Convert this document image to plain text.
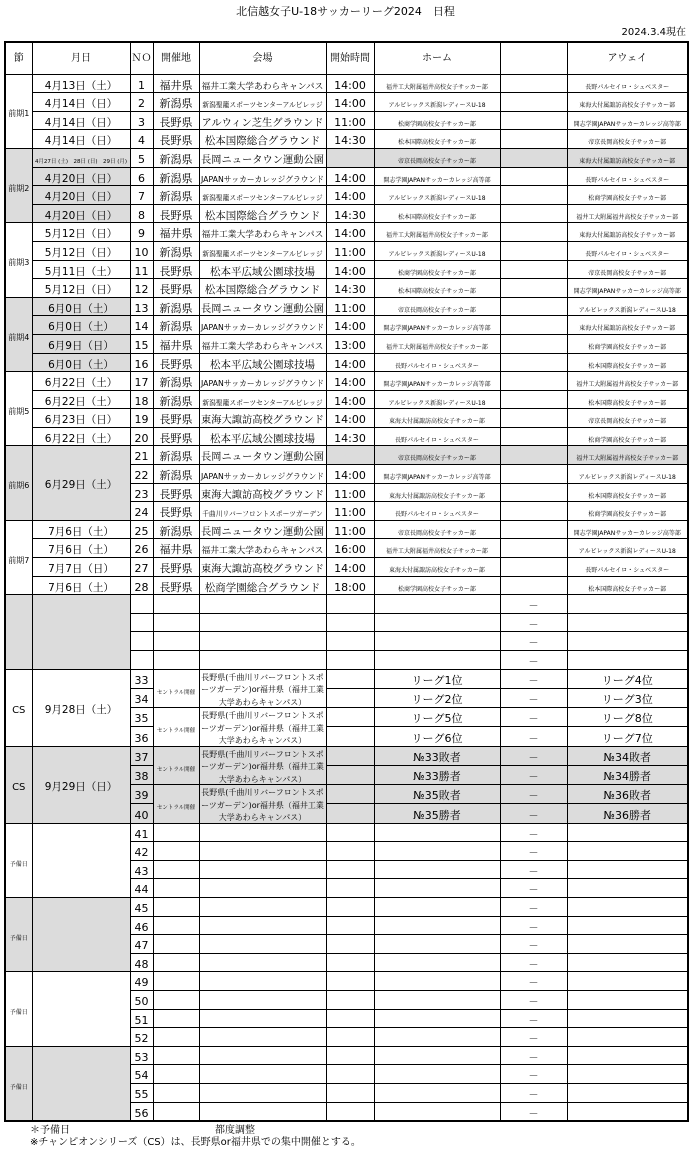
北信越女子U-18サッカーリーグ2024　日程
2024.3.4現在
節	月日	ＮＯ	開催地	会場	開始時間	ホーム		アウェイ
前期1	4月13日（土）	1	福井県	福井工業大学あわらキャンパス	14:00	福井工大附属福井高校女子サッカー部		長野パルセイロ・シュベスター
	4月14日（日）	2	新潟県	新潟聖籠スポーツセンターアルビレッジ	14:00	アルビレックス新潟レディースU-18		東海大付属諏訪高校女子サッカー部
	4月14日（日）	3	長野県	アルウィン芝生グラウンド	11:00	松商学園高校女子サッカー部		開志学園JAPANサッカーカレッジ高等部
	4月14日（日）	4	長野県	松本国際総合グラウンド	14:30	松本国際高校女子サッカー部		帝京長岡高校女子サッカー部
前期2	4月27日 (土)　28日 (日)　29日 (月)	5	新潟県	長岡ニュータウン運動公園		帝京長岡高校女子サッカー部		東海大付属諏訪高校女子サッカー部
	4月20日（日）	6	新潟県	JAPANサッカーカレッジグラウンド	14:00	開志学園JAPANサッカーカレッジ高等部		長野パルセイロ・シュベスター
	4月20日（日）	7	新潟県	新潟聖籠スポーツセンターアルビレッジ	14:00	アルビレックス新潟レディースU-18		松商学園高校女子サッカー部
	4月20日（日）	8	長野県	松本国際総合グラウンド	14:30	松本国際高校女子サッカー部		福井工大附属福井高校女子サッカー部
前期3	5月12日（日）	9	福井県	福井工業大学あわらキャンパス	14:00	福井工大附属福井高校女子サッカー部		東海大付属諏訪高校女子サッカー部
	5月12日（日）	10	新潟県	新潟聖籠スポーツセンターアルビレッジ	11:00	アルビレックス新潟レディースU-18		長野パルセイロ・シュベスター
	5月11日（土）	11	長野県	松本平広域公園球技場	14:00	松商学園高校女子サッカー部		帝京長岡高校女子サッカー部
	5月12日（日）	12	長野県	松本国際総合グラウンド	14:30	松本国際高校女子サッカー部		開志学園JAPANサッカーカレッジ高等部
前期4	6月0日（土）	13	新潟県	長岡ニュータウン運動公園	11:00	帝京長岡高校女子サッカー部		アルビレックス新潟レディースU-18
	6月0日（土）	14	新潟県	JAPANサッカーカレッジグラウンド	14:00	開志学園JAPANサッカーカレッジ高等部		東海大付属諏訪高校女子サッカー部
	6月9日（日）	15	福井県	福井工業大学あわらキャンパス	13:00	福井工大附属福井高校女子サッカー部		松商学園高校女子サッカー部
	6月0日（土）	16	長野県	松本平広域公園球技場	14:00	長野パルセイロ・シュベスター		松本国際高校女子サッカー部
前期5	6月22日（土）	17	新潟県	JAPANサッカーカレッジグラウンド	14:00	開志学園JAPANサッカーカレッジ高等部		福井工大附属福井高校女子サッカー部
	6月22日（土）	18	新潟県	新潟聖籠スポーツセンターアルビレッジ	14:00	アルビレックス新潟レディースU-18		松本国際高校女子サッカー部
	6月23日（日）	19	長野県	東海大諏訪高校グラウンド	14:00	東海大付属諏訪高校女子サッカー部		帝京長岡高校女子サッカー部
	6月22日（土）	20	長野県	松本平広域公園球技場	14:30	長野パルセイロ・シュベスター		松商学園高校女子サッカー部
前期6	6月29日（土）	21	新潟県	長岡ニュータウン運動公園		帝京長岡高校女子サッカー部		福井工大附属福井高校女子サッカー部
		22	新潟県	JAPANサッカーカレッジグラウンド	14:00	開志学園JAPANサッカーカレッジ高等部		アルビレックス新潟レディースU-18
		23	長野県	東海大諏訪高校グラウンド	11:00	東海大付属諏訪高校女子サッカー部		松本国際高校女子サッカー部
		24	長野県	千曲川リバーフロントスポーツガーデン	11:00	長野パルセイロ・シュベスター		松商学園高校女子サッカー部
前期7	7月6日（土）	25	新潟県	長岡ニュータウン運動公園	11:00	帝京長岡高校女子サッカー部		開志学園JAPANサッカーカレッジ高等部
	7月6日（土）	26	福井県	福井工業大学あわらキャンパス	16:00	福井工大附属福井高校女子サッカー部		アルビレックス新潟レディースU-18
	7月7日（日）	27	長野県	東海大諏訪高校グラウンド	14:00	東海大付属諏訪高校女子サッカー部		長野パルセイロ・シュベスター
	7月6日（土）	28	長野県	松商学園総合グラウンド	18:00	松商学園高校女子サッカー部		松本国際高校女子サッカー部
							－	
							－	
							－	
							－	
CS	9月28日（土）	33	セントラル開催	長野県(千曲川リバーフロントスポーツガーデン)or福井県（福井工業大学あわらキャンパス）		リーグ1位	－	リーグ4位
		34				リーグ2位	－	リーグ3位
		35	セントラル開催	長野県(千曲川リバーフロントスポーツガーデン)or福井県（福井工業大学あわらキャンパス）		リーグ5位	－	リーグ8位
		36				リーグ6位	－	リーグ7位
CS	9月29日（日）	37	セントラル開催	長野県(千曲川リバーフロントスポーツガーデン)or福井県（福井工業大学あわらキャンパス）		№33敗者	－	№34敗者
		38				№33勝者	－	№34勝者
		39	セントラル開催	長野県(千曲川リバーフロントスポーツガーデン)or福井県（福井工業大学あわらキャンパス）		№35敗者	－	№36敗者
		40				№35勝者	－	№36勝者
予備日		41					－	
		42					－	
		43					－	
		44					－	
予備日		45					－	
		46					－	
		47					－	
		48					－	
予備日		49					－	
		50					－	
		51					－	
		52					－	
予備日		53					－	
		54					－	
		55					－	
		56					－	
＊予備日	都度調整
※チャンピオンシリーズ（CS）は、長野県or福井県での集中開催とする。
